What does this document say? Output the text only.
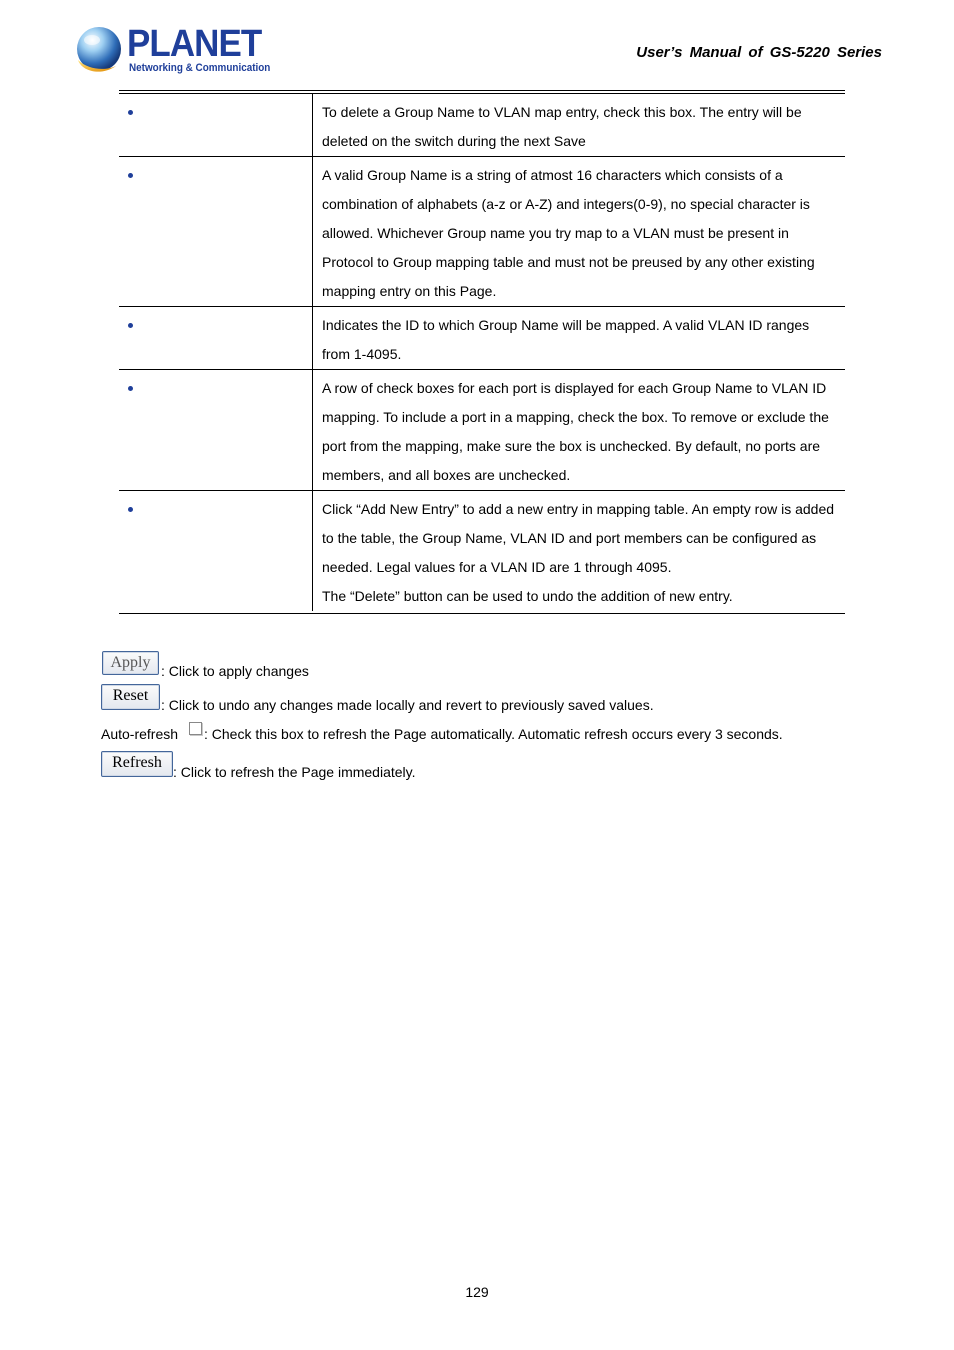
PLANET
Networking & Communication
User’s Manual of GS-5220 Series
	To delete a Group Name to VLAN map entry, check this box. The entry will be deleted on the switch during the next Save

	A valid Group Name is a string of atmost 16 characters which consists of a combination of alphabets (a-z or A-Z) and integers(0-9), no special character is allowed. Whichever Group name you try map to a VLAN must be present in Protocol to Group mapping table and must not be preused by any other existing mapping entry on this Page.

	Indicates the ID to which Group Name will be mapped. A valid VLAN ID ranges from 1-4095.

	A row of check boxes for each port is displayed for each Group Name to VLAN ID mapping. To include a port in a mapping, check the box. To remove or exclude the port from the mapping, make sure the box is unchecked. By default, no ports are members, and all boxes are unchecked.

	Click “Add New Entry” to add a new entry in mapping table. An empty row is added to the table, the Group Name, VLAN ID and port members can be configured as needed. Legal values for a VLAN ID are 1 through 4095.
The “Delete” button can be used to undo the addition of new entry.
Apply : Click to apply changes
Reset
: Click to undo any changes made locally and revert to previously saved values.
Auto-refresh : Check this box to refresh the Page automatically. Automatic refresh occurs every 3 seconds.
Refresh
: Click to refresh the Page immediately.
129
